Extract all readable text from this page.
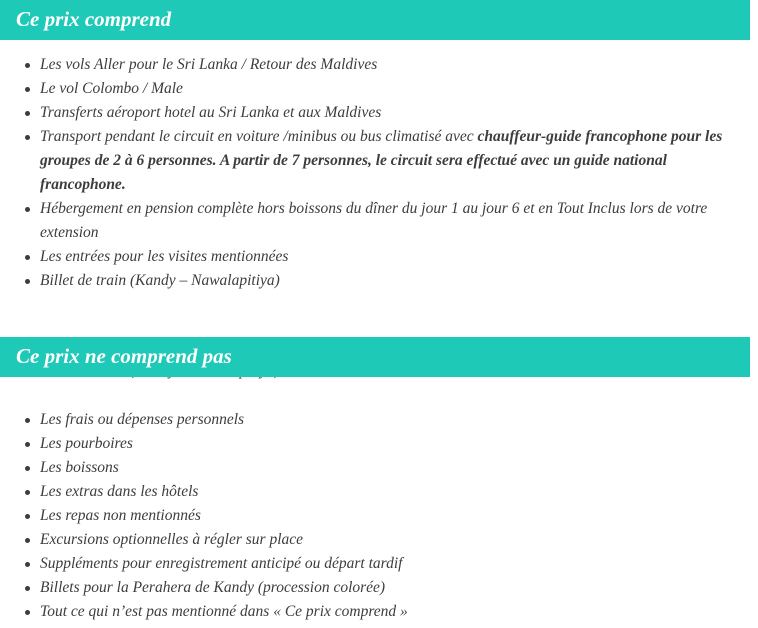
Ce prix comprend
Les vols Aller pour le Sri Lanka / Retour des Maldives
Le vol Colombo / Male
Transferts aéroport hotel au Sri Lanka et aux Maldives
Transport pendant le circuit en voiture /minibus ou bus climatisé avec chauffeur-guide francophone pour les groupes de 2 à 6 personnes. A partir de 7 personnes, le circuit sera effectué avec un guide national francophone.
Hébergement en pension complète hors boissons du dîner du jour 1 au jour 6 et en Tout Inclus lors de votre extension
Les entrées pour les visites mentionnées
Billet de train (Kandy – Nawalapitiya)
Ce prix ne comprend pas
Les frais ou dépenses personnels
Les pourboires
Les boissons
Les extras dans les hôtels
Les repas non mentionnés
Excursions optionnelles à régler sur place
Suppléments pour enregistrement anticipé ou départ tardif
Billets pour la Perahera de Kandy (procession colorée)
Tout ce qui n’est pas mentionné dans « Ce prix comprend »
